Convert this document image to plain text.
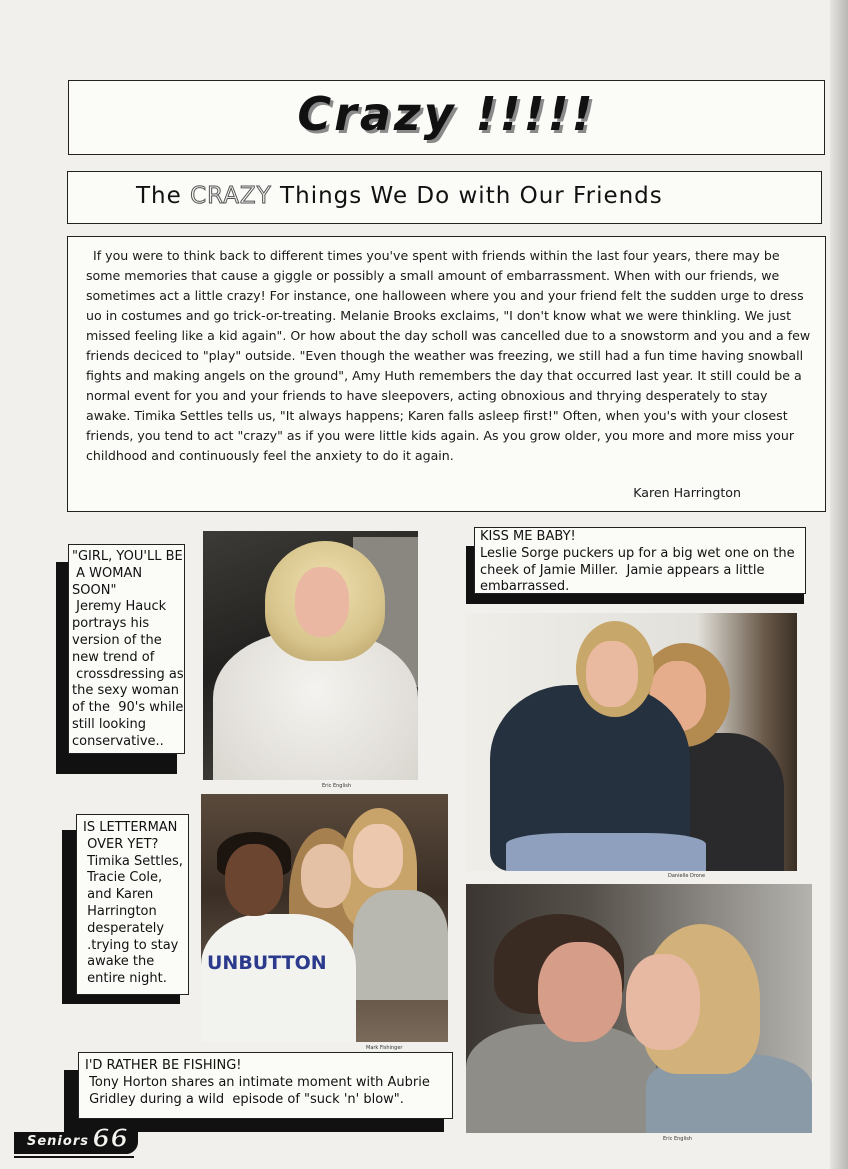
Crazy !!!!!
The CRAZY Things We Do with Our Friends
If you were to think back to different times you've spent with friends within the last four years, there may be some memories that cause a giggle or possibly a small amount of embarrassment. When with our friends, we sometimes act a little crazy! For instance, one halloween where you and your friend felt the sudden urge to dress uo in costumes and go trick-or-treating. Melanie Brooks exclaims, "I don't know what we were thinkling. We just missed feeling like a kid again". Or how about the day scholl was cancelled due to a snowstorm and you and a few friends deciced to "play" outside. "Even though the weather was freezing, we still had a fun time having snowball fights and making angels on the ground", Amy Huth remembers the day that occurred last year. It still could be a normal event for you and your friends to have sleepovers, acting obnoxious and thrying desperately to stay awake. Timika Settles tells us, "It always happens; Karen falls asleep first!" Often, when you's with your closest friends, you tend to act "crazy" as if you were little kids again. As you grow older, you more and more miss your childhood and continuously feel the anxiety to do it again.
Karen Harrington
"GIRL, YOU'LL BE
A WOMAN
SOON"
Jeremy Hauck
portrays his
version of the
new trend of
crossdressing as
the sexy woman
of the  90's while
still looking
conservative..
Eric English
KISS ME BABY!
Leslie Sorge puckers up for a big wet one on the
cheek of Jamie Miller.  Jamie appears a little
embarrassed.
Danielle Drone
IS LETTERMAN
OVER YET?
Timika Settles,
Tracie Cole,
and Karen
Harrington
desperately
.trying to stay
awake the
entire night.
UNBUTTON
Mark Fishinger
Eric English
I'D RATHER BE FISHING!
Tony Horton shares an intimate moment with Aubrie
Gridley during a wild  episode of "suck 'n' blow".
Seniors 66
